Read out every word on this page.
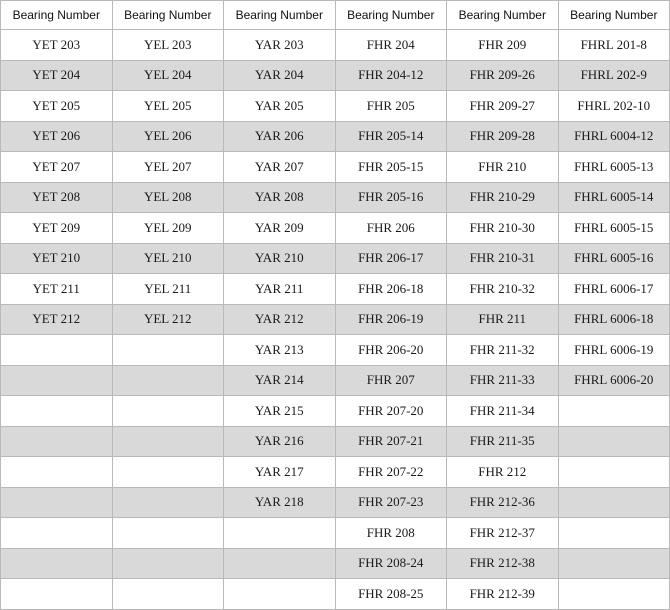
Bearing Number	Bearing Number	Bearing Number	Bearing Number	Bearing Number	Bearing Number
YET 203	YEL 203	YAR 203	FHR 204	FHR 209	FHRL 201-8
YET 204	YEL 204	YAR 204	FHR 204-12	FHR 209-26	FHRL 202-9
YET 205	YEL 205	YAR 205	FHR 205	FHR 209-27	FHRL 202-10
YET 206	YEL 206	YAR 206	FHR 205-14	FHR 209-28	FHRL 6004-12
YET 207	YEL 207	YAR 207	FHR 205-15	FHR 210	FHRL 6005-13
YET 208	YEL 208	YAR 208	FHR 205-16	FHR 210-29	FHRL 6005-14
YET 209	YEL 209	YAR 209	FHR 206	FHR 210-30	FHRL 6005-15
YET 210	YEL 210	YAR 210	FHR 206-17	FHR 210-31	FHRL 6005-16
YET 211	YEL 211	YAR 211	FHR 206-18	FHR 210-32	FHRL 6006-17
YET 212	YEL 212	YAR 212	FHR 206-19	FHR 211	FHRL 6006-18
		YAR 213	FHR 206-20	FHR 211-32	FHRL 6006-19
		YAR 214	FHR 207	FHR 211-33	FHRL 6006-20
		YAR 215	FHR 207-20	FHR 211-34	
		YAR 216	FHR 207-21	FHR 211-35	
		YAR 217	FHR 207-22	FHR 212	
		YAR 218	FHR 207-23	FHR 212-36	
			FHR 208	FHR 212-37	
			FHR 208-24	FHR 212-38	
			FHR 208-25	FHR 212-39	
